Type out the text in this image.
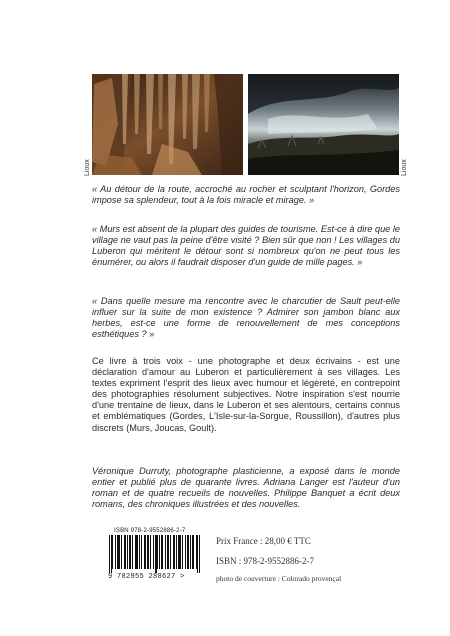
Lioux	Lioux
« Au détour de la route, accroché au rocher et sculptant l'horizon, Gordes impose sa splendeur, tout à la fois miracle et mirage. »
« Murs est absent de la plupart des guides de tourisme. Est-ce à dire que le village ne vaut pas la peine d'être visité ? Bien sûr que non ! Les villages du Luberon qui méritent le détour sont si nombreux qu'on ne peut tous les énumérer, ou alors il faudrait disposer d'un guide de mille pages. »
« Dans quelle mesure ma rencontre avec le charcutier de Sault peut-elle influer sur la suite de mon existence ? Admirer son jambon blanc aux herbes, est-ce une forme de renouvellement de mes conceptions esthétiques ? »
Ce livre à trois voix - une photographe et deux écrivains - est une déclaration d'amour au Luberon et particulièrement à ses villages. Les textes expriment l'esprit des lieux avec humour et légèreté, en contrepoint des photographies résolument subjectives. Notre inspiration s'est nourrie d'une trentaine de lieux, dans le Luberon et ses alentours, certains connus et emblématiques (Gordes, L'Isle-sur-la-Sorgue, Roussillon), d'autres plus discrets (Murs, Joucas, Goult).
Véronique Durruty, photographe plasticienne, a exposé dans le monde entier et publié plus de quarante livres. Adriana Langer est l'auteur d'un roman et de quatre recueils de nouvelles. Philippe Banquet a écrit deux romans, des chroniques illustrées et des nouvelles.
ISBN 978-2-9552886-2-7
9 782955 288627 >
Prix France : 28,00 € TTC
ISBN : 978-2-9552886-2-7
photo de couverture : Colorado provençal
